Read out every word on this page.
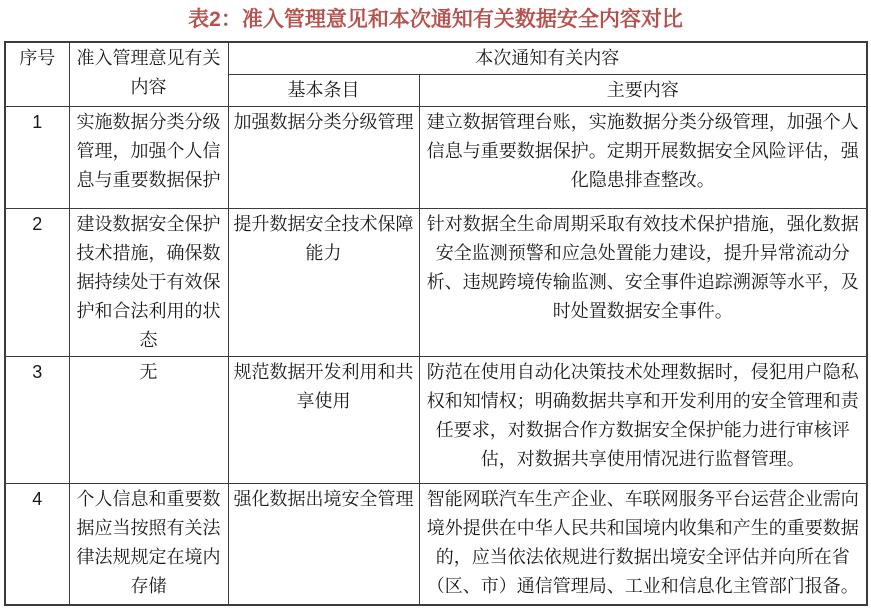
表2：准入管理意见和本次通知有关数据安全内容对比
序号	准入管理意见有关内容	本次通知有关内容	
		基本条目	主要内容
1	实施数据分类分级管理，加强个人信息与重要数据保护	加强数据分类分级管理	建立数据管理台账，实施数据分类分级管理，加强个人信息与重要数据保护。定期开展数据安全风险评估，强化隐患排查整改。
2	建设数据安全保护技术措施，确保数据持续处于有效保护和合法利用的状态	提升数据安全技术保障能力	针对数据全生命周期采取有效技术保护措施，强化数据安全监测预警和应急处置能力建设，提升异常流动分析、违规跨境传输监测、安全事件追踪溯源等水平，及时处置数据安全事件。
3	无	规范数据开发利用和共享使用	防范在使用自动化决策技术处理数据时，侵犯用户隐私权和知情权；明确数据共享和开发利用的安全管理和责任要求，对数据合作方数据安全保护能力进行审核评估，对数据共享使用情况进行监督管理。
4	个人信息和重要数据应当按照有关法律法规规定在境内存储	强化数据出境安全管理	智能网联汽车生产企业、车联网服务平台运营企业需向境外提供在中华人民共和国境内收集和产生的重要数据的，应当依法依规进行数据出境安全评估并向所在省（区、市）通信管理局、工业和信息化主管部门报备。
